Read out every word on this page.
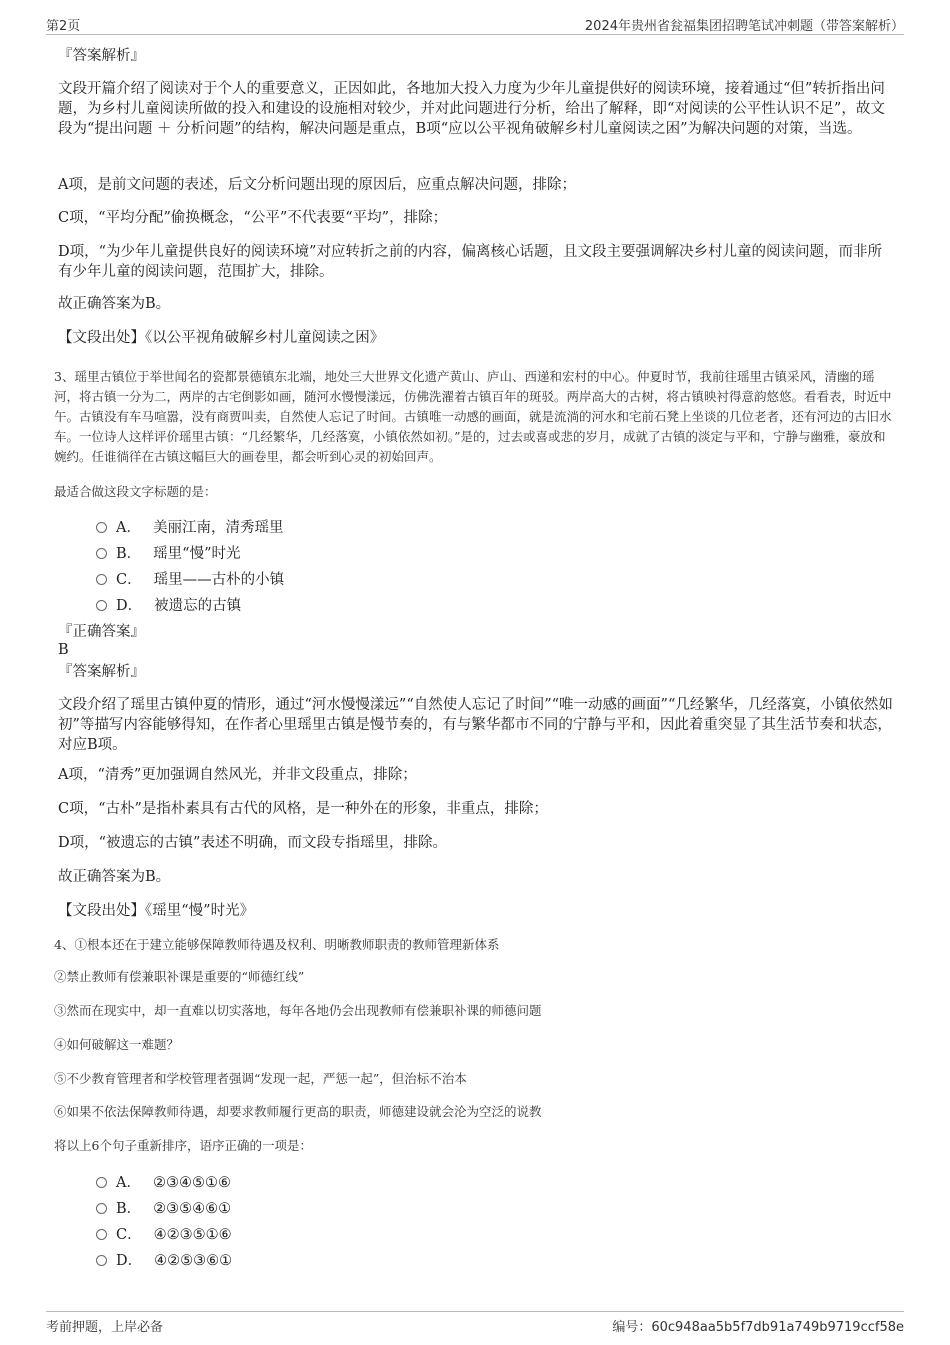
第2页	2024年贵州省瓮福集团招聘笔试冲刺题（带答案解析）
『答案解析』

文段开篇介绍了阅读对于个人的重要意义，正因如此，各地加大投入力度为少年儿童提供好的阅读环境，接着通过“但”转折指出问题，为乡村儿童阅读所做的投入和建设的设施相对较少，并对此问题进行分析，给出了解释，即“对阅读的公平性认识不足”，故文段为“提出问题 ＋ 分析问题”的结构，解决问题是重点，B项“应以公平视角破解乡村儿童阅读之困”为解决问题的对策，当选。

A项，是前文问题的表述，后文分析问题出现的原因后，应重点解决问题，排除；
C项，“平均分配”偷换概念，“公平”不代表要“平均”，排除；
D项，“为少年儿童提供良好的阅读环境”对应转折之前的内容，偏离核心话题，且文段主要强调解决乡村儿童的阅读问题，而非所有少年儿童的阅读问题，范围扩大，排除。
故正确答案为B。
【文段出处】《以公平视角破解乡村儿童阅读之困》

3、瑶里古镇位于举世闻名的瓷都景德镇东北端，地处三大世界文化遗产黄山、庐山、西递和宏村的中心。仲夏时节，我前往瑶里古镇采风，清幽的瑶河，将古镇一分为二，两岸的古宅倒影如画，随河水慢慢漾远，仿佛洗濯着古镇百年的斑驳。两岸高大的古树，将古镇映衬得意韵悠悠。看看表，时近中午。古镇没有车马喧嚣，没有商贾叫卖，自然使人忘记了时间。古镇唯一动感的画面，就是流淌的河水和宅前石凳上坐谈的几位老者，还有河边的古旧水车。一位诗人这样评价瑶里古镇：“几经繁华，几经落寞，小镇依然如初。”是的，过去或喜或悲的岁月，成就了古镇的淡定与平和，宁静与幽雅，豪放和婉约。任谁徜徉在古镇这幅巨大的画卷里，都会听到心灵的初始回声。

最适合做这段文字标题的是：
A． 美丽江南，清秀瑶里
B． 瑶里“慢”时光
C． 瑶里——古朴的小镇
D． 被遗忘的古镇
『正确答案』
B
『答案解析』

文段介绍了瑶里古镇仲夏的情形，通过“河水慢慢漾远”“自然使人忘记了时间”“唯一动感的画面”“几经繁华，几经落寞，小镇依然如初”等描写内容能够得知，在作者心里瑶里古镇是慢节奏的，有与繁华都市不同的宁静与平和，因此着重突显了其生活节奏和状态，对应B项。

A项，“清秀”更加强调自然风光，并非文段重点，排除；
C项，“古朴”是指朴素具有古代的风格，是一种外在的形象，非重点，排除；
D项，“被遗忘的古镇”表述不明确，而文段专指瑶里，排除。
故正确答案为B。
【文段出处】《瑶里“慢”时光》
4、①根本还在于建立能够保障教师待遇及权利、明晰教师职责的教师管理新体系
②禁止教师有偿兼职补课是重要的“师德红线”
③然而在现实中，却一直难以切实落地，每年各地仍会出现教师有偿兼职补课的师德问题
④如何破解这一难题？
⑤不少教育管理者和学校管理者强调“发现一起，严惩一起”，但治标不治本
⑥如果不依法保障教师待遇，却要求教师履行更高的职责，师德建设就会沦为空泛的说教
将以上6个句子重新排序，语序正确的一项是：
A． ②③④⑤①⑥
B． ②③⑤④⑥①
C． ④②③⑤①⑥
D． ④②⑤③⑥①
考前押题，上岸必备	编号：60c948aa5b5f7db91a749b9719ccf58e
